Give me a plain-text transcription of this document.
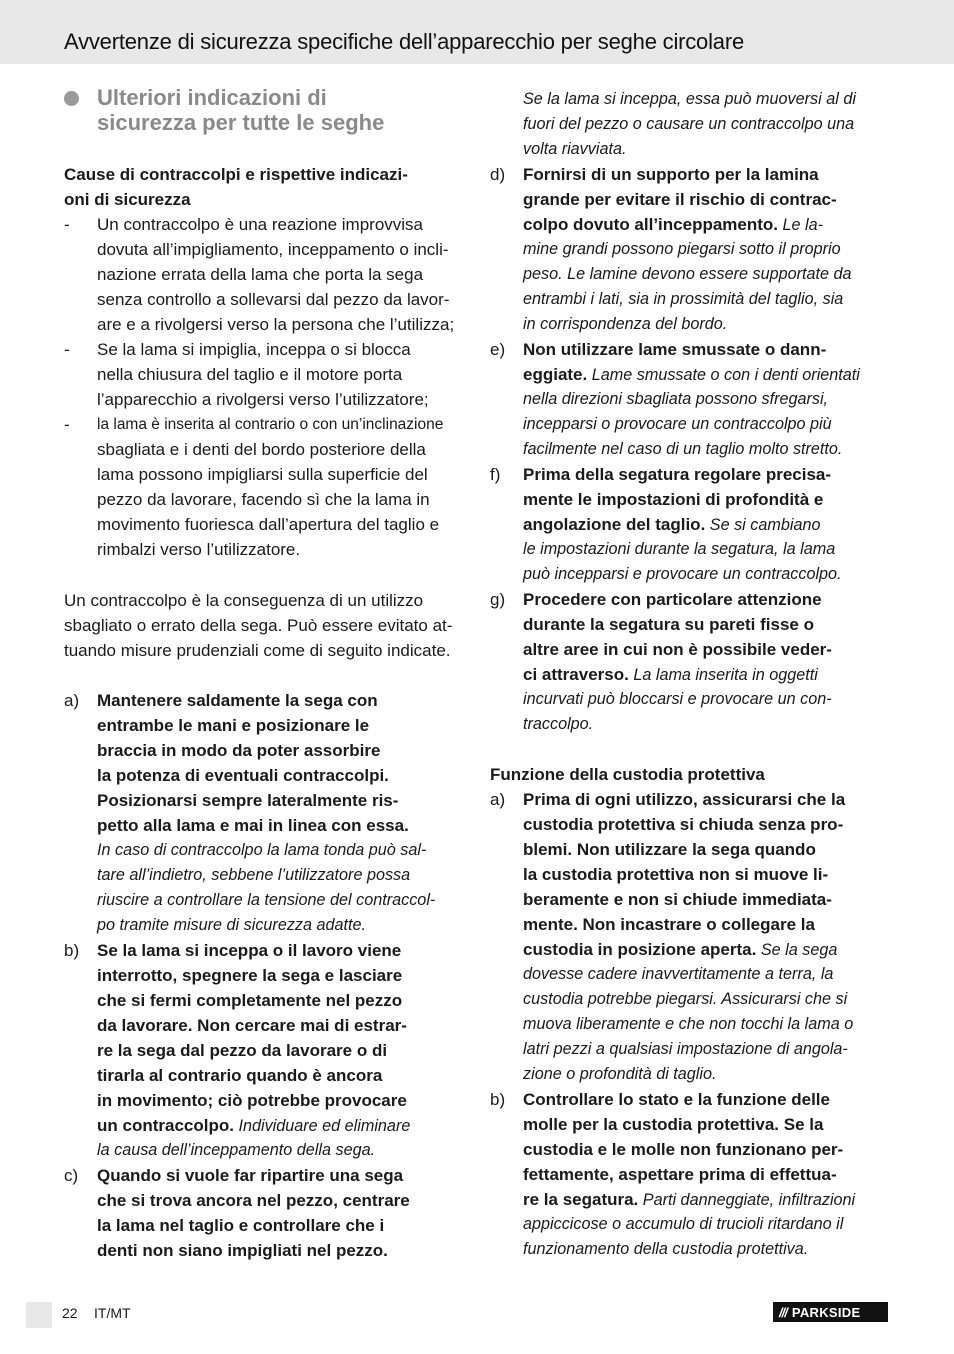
Avvertenze di sicurezza specifiche dell’apparecchio per seghe circolare
Ulteriori indicazioni di
sicurezza per tutte le seghe
Cause di contraccolpi e rispettive indicazi-
oni di sicurezza
- Un contraccolpo è una reazione improvvisa
dovuta all’impigliamento, inceppamento o incli-
nazione errata della lama che porta la sega
senza controllo a sollevarsi dal pezzo da lavor-
are e a rivolgersi verso la persona che l’utilizza;
- Se la lama si impiglia, inceppa o si blocca
nella chiusura del taglio e il motore porta
l’apparecchio a rivolgersi verso l’utilizzatore;
- la lama è inserita al contrario o con un’inclinazione
sbagliata e i denti del bordo posteriore della
lama possono impigliarsi sulla superficie del
pezzo da lavorare, facendo sì che la lama in
movimento fuoriesca dall’apertura del taglio e
rimbalzi verso l’utilizzatore.
Un contraccolpo è la conseguenza di un utilizzo
sbagliato o errato della sega. Può essere evitato at-
tuando misure prudenziali come di seguito indicate.
a) Mantenere saldamente la sega con
entrambe le mani e posizionare le
braccia in modo da poter assorbire
la potenza di eventuali contraccolpi.
Posizionarsi sempre lateralmente ris-
petto alla lama e mai in linea con essa.
In caso di contraccolpo la lama tonda può sal-
tare all’indietro, sebbene l’utilizzatore possa
riuscire a controllare la tensione del contraccol-
po tramite misure di sicurezza adatte.
b) Se la lama si inceppa o il lavoro viene
interrotto, spegnere la sega e lasciare
che si fermi completamente nel pezzo
da lavorare. Non cercare mai di estrar-
re la sega dal pezzo da lavorare o di
tirarla al contrario quando è ancora
in movimento; ciò potrebbe provocare
un contraccolpo. Individuare ed eliminare
la causa dell’inceppamento della sega.
c) Quando si vuole far ripartire una sega
che si trova ancora nel pezzo, centrare
la lama nel taglio e controllare che i
denti non siano impigliati nel pezzo.
Se la lama si inceppa, essa può muoversi al di
fuori del pezzo o causare un contraccolpo una
volta riavviata.
d) Fornirsi di un supporto per la lamina
grande per evitare il rischio di contrac-
colpo dovuto all’inceppamento. Le la-
mine grandi possono piegarsi sotto il proprio
peso. Le lamine devono essere supportate da
entrambi i lati, sia in prossimità del taglio, sia
in corrispondenza del bordo.
e) Non utilizzare lame smussate o dann-
eggiate. Lame smussate o con i denti orientati
nella direzioni sbagliata possono sfregarsi,
incepparsi o provocare un contraccolpo più
facilmente nel caso di un taglio molto stretto.
f) Prima della segatura regolare precisa-
mente le impostazioni di profondità e
angolazione del taglio. Se si cambiano
le impostazioni durante la segatura, la lama
può incepparsi e provocare un contraccolpo.
g) Procedere con particolare attenzione
durante la segatura su pareti fisse o
altre aree in cui non è possibile veder-
ci attraverso. La lama inserita in oggetti
incurvati può bloccarsi e provocare un con-
traccolpo.
Funzione della custodia protettiva
a) Prima di ogni utilizzo, assicurarsi che la
custodia protettiva si chiuda senza pro-
blemi. Non utilizzare la sega quando
la custodia protettiva non si muove li-
beramente e non si chiude immediata-
mente. Non incastrare o collegare la
custodia in posizione aperta. Se la sega
dovesse cadere inavvertitamente a terra, la
custodia potrebbe piegarsi. Assicurarsi che si
muova liberamente e che non tocchi la lama o
latri pezzi a qualsiasi impostazione di angola-
zione o profondità di taglio.
b) Controllare lo stato e la funzione delle
molle per la custodia protettiva. Se la
custodia e le molle non funzionano per-
fettamente, aspettare prima di effettua-
re la segatura. Parti danneggiate, infiltrazioni
appiccicose o accumulo di trucioli ritardano il
funzionamento della custodia protettiva.
22 IT/MT	/// PARKSIDE
